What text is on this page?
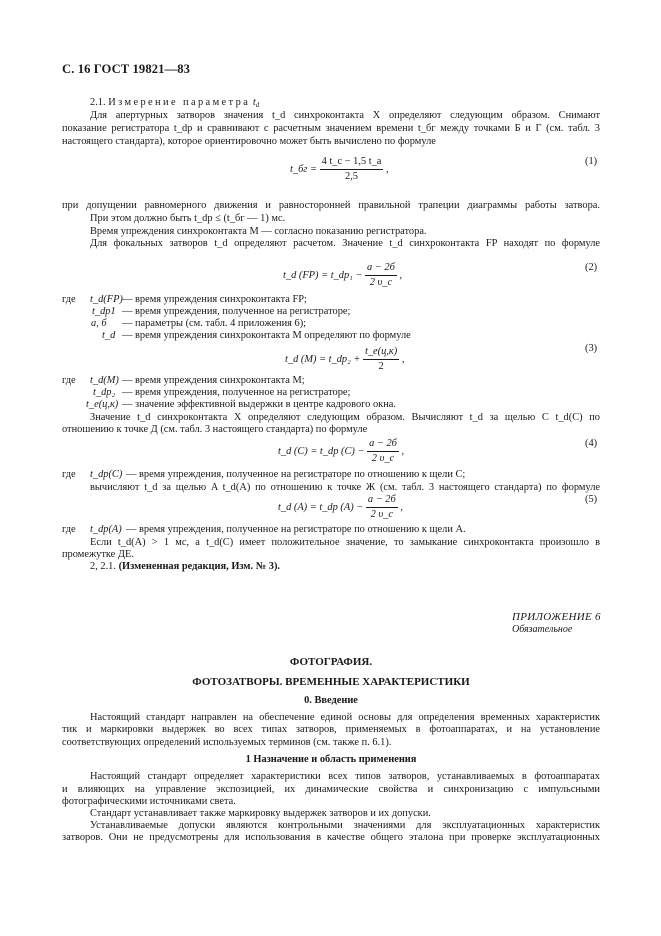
С. 16 ГОСТ 19821—83
2.1. Измерение параметра $t_d$
Для апертурных затворов значения t_d синхроконтакта X определяют следующим образом. Снимают
показание регистратора t_dp и сравнивают с расчетным значением времени t_бг между точками Б и Г (см. табл. 3
настоящего стандарта), которое ориентировочно может быть вычислено по формуле
t_бг = $\frac{4 t\_c - 1,5 t\_a}{2,5}$ ,
(1)
при допущении равномерного движения и равносторонней правильной трапеции диаграммы работы затвора.
При этом должно быть t_dp ≤ (t_бг — 1) мс.
Время упреждения синхроконтакта M — согласно показанию регистратора.
Для фокальных затворов t_d определяют расчетом. Значение t_d синхроконтакта FP находят по формуле
t_d (FP) = t_dp₁ − $\frac{a - 2б}{2 \upsilon\_c}$ ,
(2)
где t_d(FP) — время упреждения синхроконтакта FP;
t_dp1 — время упреждения, полученное на регистраторе;
a, б — параметры (см. табл. 4 приложения 6);
t_d — время упреждения синхроконтакта М определяют по формуле
t_d (M) = t_dp₂ + $\frac{t\_e(ц,к)}{2}$ ,
(3)
где t_d(M) — время упреждения синхроконтакта M;
t_dp₂ — время упреждения, полученное на регистраторе;
t_e(ц,к) — значение эффективной выдержки в центре кадрового окна.
Значение t_d синхроконтакта X определяют следующим образом. Вычисляют t_d за щелью C t_d(C) по
отношению к точке Д (см. табл. 3 настоящего стандарта) по формуле
t_d (C) = t_dp $(C) - \frac{a - 2б}{2 \upsilon\_c}$ ,
(4)
где t_dp(C) — время упреждения, полученное на регистраторе по отношению к щели C;
вычисляют t_d за щелью A t_d(A) по отношению к точке Ж (см. табл. 3 настоящего стандарта) по формуле
t_d (A) = t_dp $(A) - \frac{a - 2б}{2 \upsilon\_c}$ ,
(5)
где t_dp(A) — время упреждения, полученное на регистраторе по отношению к щели A.
Если t_d(A) > 1 мс, а t_d(C) имеет положительное значение, то замыкание синхроконтакта произошло в
промежутке ДЕ.
2, 2.1. (Измененная редакция, Изм. № 3).
ПРИЛОЖЕНИЕ 6
Обязательное
ФОТОГРАФИЯ.
ФОТОЗАТВОРЫ. ВРЕМЕННЫЕ ХАРАКТЕРИСТИКИ
0. Введение
Настоящий стандарт направлен на обеспечение единой основы для определения временных характеристик
тик и маркировки выдержек во всех типах затворов, применяемых в фотоаппаратах, и на установление
соответствующих определений используемых терминов (см. также п. 6.1).
1 Назначение и область применения
Настоящий стандарт определяет характеристики всех типов затворов, устанавливаемых в фотоаппаратах
и влияющих на управление экспозицией, их динамические свойства и синхронизацию с импульсными
фотографическими источниками света.
Стандарт устанавливает также маркировку выдержек затворов и их допуски.
Устанавливаемые допуски являются контрольными значениями для эксплуатационных характеристик
затворов. Они не предусмотрены для использования в качестве общего эталона при проверке эксплуатационных
